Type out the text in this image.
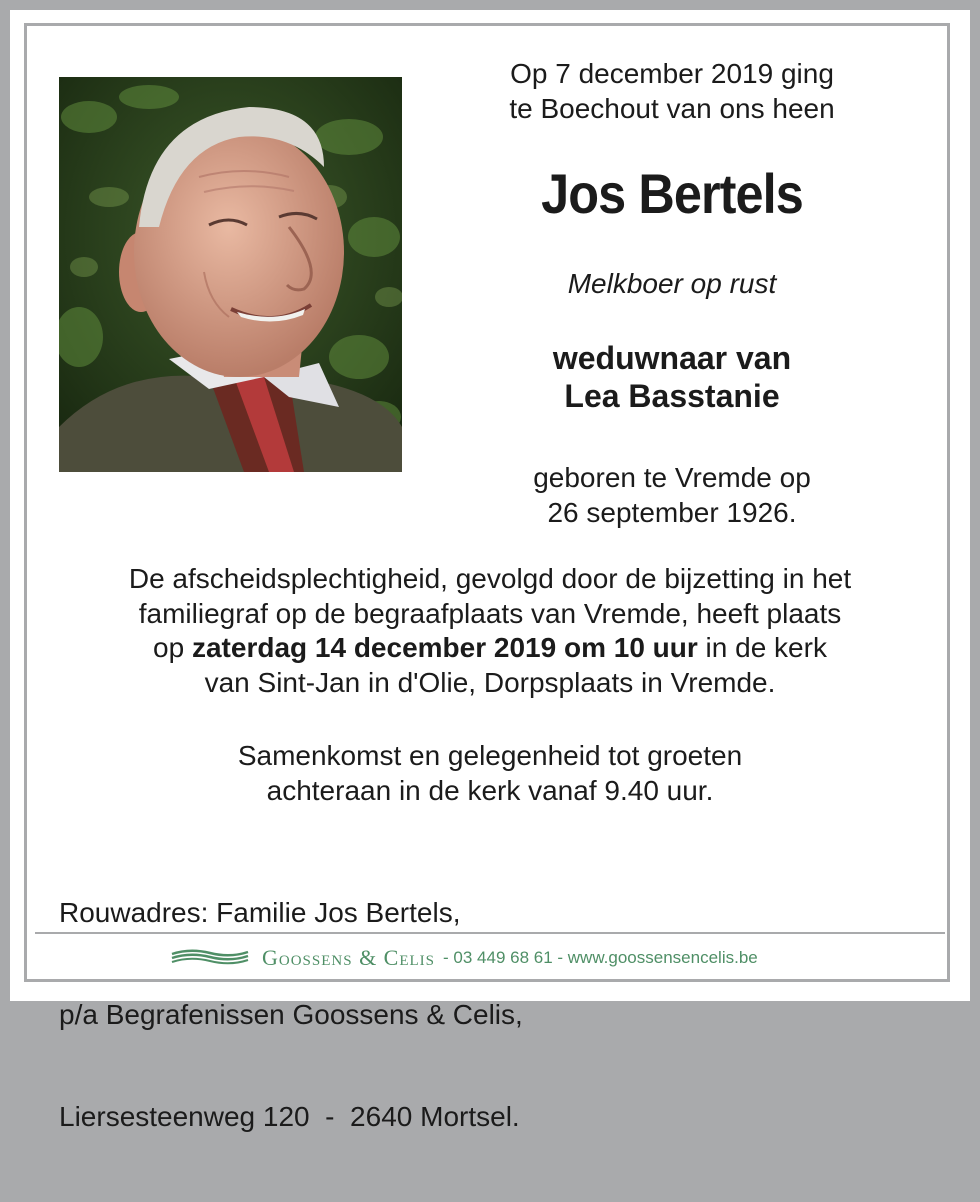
Op 7 december 2019 ging
te Boechout van ons heen
Jos Bertels
Melkboer op rust
weduwnaar van
Lea Basstanie
geboren te Vremde op
26 september 1926.
De afscheidsplechtigheid, gevolgd door de bijzetting in het
familiegraf op de begraafplaats van Vremde, heeft plaats
op zaterdag 14 december 2019 om 10 uur in de kerk
van Sint-Jan in d'Olie, Dorpsplaats in Vremde.
Samenkomst en gelegenheid tot groeten
achteraan in de kerk vanaf 9.40 uur.

Rouwadres: Familie Jos Bertels,

p/a Begrafenissen Goossens & Celis,

Liersesteenweg 120  -  2640 Mortsel.

Goossens & Celis - 03 449 68 61 - www.goossensencelis.be
